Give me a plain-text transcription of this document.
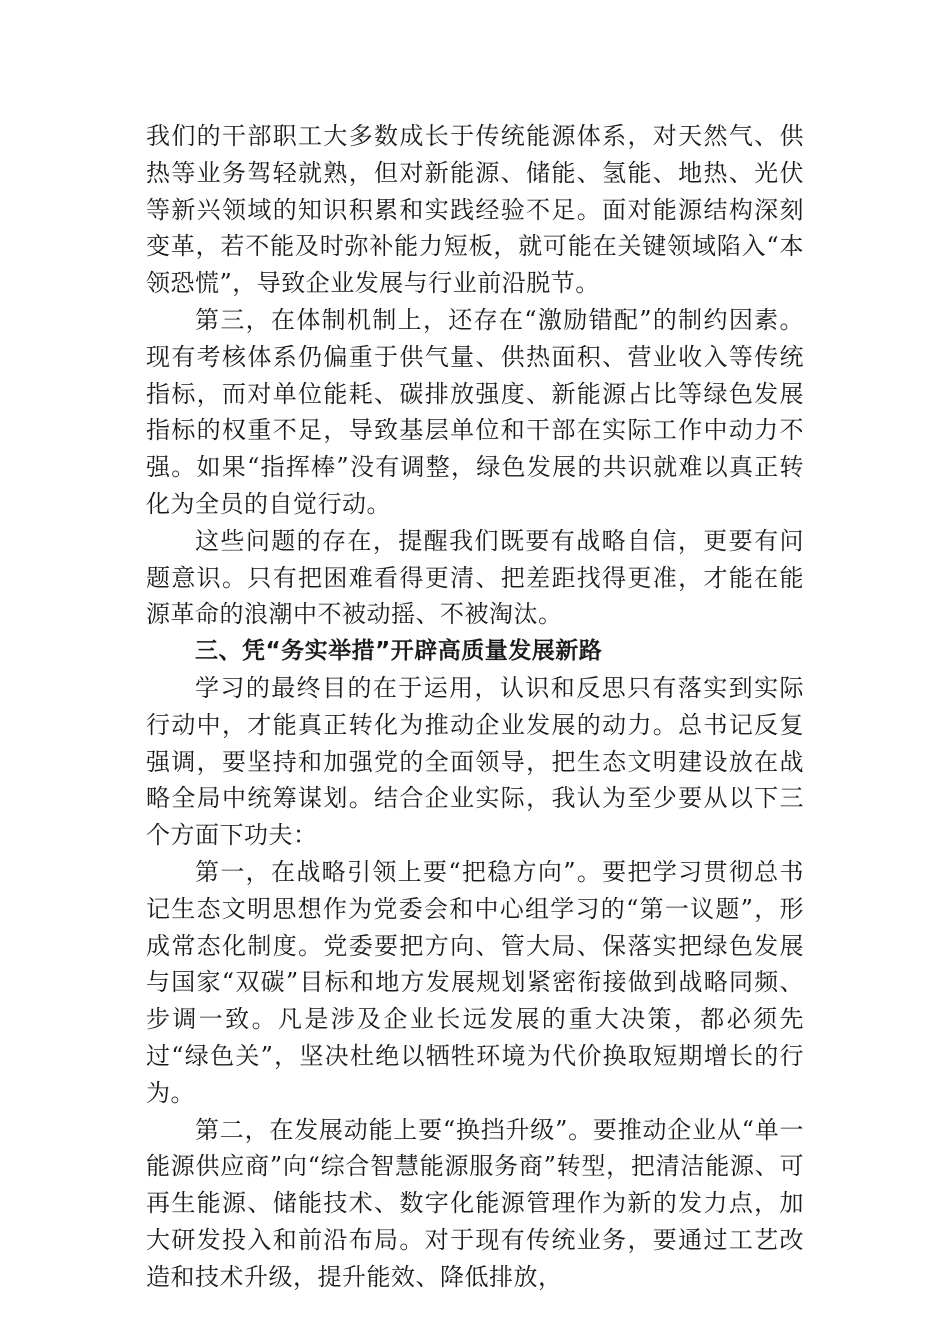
我们的干部职工大多数成长于传统能源体系，对天然气、供热等业务驾轻就熟，但对新能源、储能、氢能、地热、光伏等新兴领域的知识积累和实践经验不足。面对能源结构深刻变革，若不能及时弥补能力短板，就可能在关键领域陷入“本领恐慌”，导致企业发展与行业前沿脱节。

第三，在体制机制上，还存在“激励错配”的制约因素。现有考核体系仍偏重于供气量、供热面积、营业收入等传统指标，而对单位能耗、碳排放强度、新能源占比等绿色发展指标的权重不足，导致基层单位和干部在实际工作中动力不强。如果“指挥棒”没有调整，绿色发展的共识就难以真正转化为全员的自觉行动。

这些问题的存在，提醒我们既要有战略自信，更要有问题意识。只有把困难看得更清、把差距找得更准，才能在能源革命的浪潮中不被动摇、不被淘汰。

三、凭“务实举措”开辟高质量发展新路

学习的最终目的在于运用，认识和反思只有落实到实际行动中，才能真正转化为推动企业发展的动力。总书记反复强调，要坚持和加强党的全面领导，把生态文明建设放在战略全局中统筹谋划。结合企业实际，我认为至少要从以下三个方面下功夫：

第一，在战略引领上要“把稳方向”。要把学习贯彻总书记生态文明思想作为党委会和中心组学习的“第一议题”，形成常态化制度。党委要把方向、管大局、保落实把绿色发展与国家“双碳”目标和地方发展规划紧密衔接做到战略同频、步调一致。凡是涉及企业长远发展的重大决策，都必须先过“绿色关”，坚决杜绝以牺牲环境为代价换取短期增长的行为。

第二，在发展动能上要“换挡升级”。要推动企业从“单一能源供应商”向“综合智慧能源服务商”转型，把清洁能源、可再生能源、储能技术、数字化能源管理作为新的发力点，加大研发投入和前沿布局。对于现有传统业务，要通过工艺改造和技术升级，提升能效、降低排放，
